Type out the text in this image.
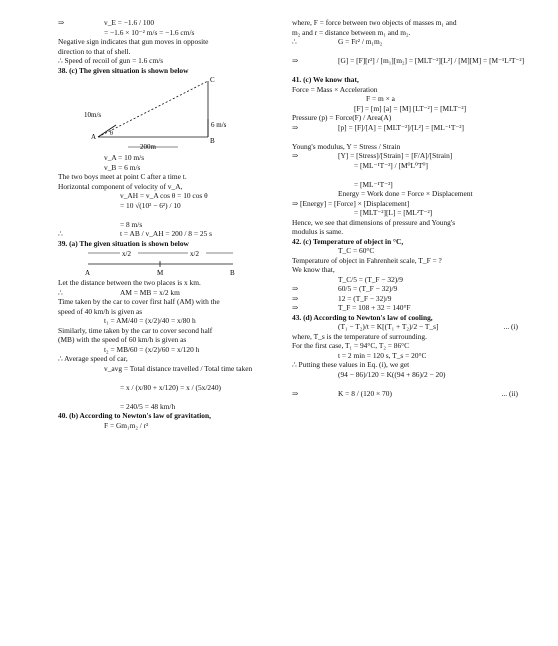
⇒	v_E = −1.6 / 100
= −1.6 × 10⁻² m/s = −1.6 cm/s
Negative sign indicates that gun moves in opposite
direction to that of shell.
∴ Speed of recoil of gun = 1.6 cm/s
38. (c) The given situation is shown below
10m/s
6 m/s
200m
A	B
C
θ
v_A = 10 m/s
v_B = 6 m/s
The two boys meet at point C after a time t.
Horizontal component of velocity of v_A,
v_AH = v_A cos θ = 10 cos θ
= 10 √(10² − 6²) / 10
= 8 m/s
∴	t = AB / v_AH = 200 / 8 = 25 s
39. (a) The given situation is shown below
x/2	x/2
A	M	B
Let the distance between the two places is x km.
∴	AM = MB = x/2 km
Time taken by the car to cover first half (AM) with the
speed of 40 km/h is given as
t₁ = AM/40 = (x/2)/40 = x/80 h
Similarly, time taken by the car to cover second half
(MB) with the speed of 60 km/h is given as
t₂ = MB/60 = (x/2)/60 = x/120 h
∴ Average speed of car,
v_avg = Total distance travelled / Total time taken
= x / (x/80 + x/120) = x / (5x/240)
= 240/5 = 48 km/h
40. (b) According to Newton's law of gravitation,
F = Gm₁m₂ / r²
where, F = force between two objects of masses m₁ and
m₂ and r = distance between m₁ and m₂.
∴	G = Fr² / m₁m₂
⇒	[G] = [F][r²] / [m₁][m₂] = [MLT⁻²][L²] / [M][M] = [M⁻¹L³T⁻²]
41. (c) We know that,
Force = Mass × Acceleration
F = m × a
[F] = [m] [a] = [M] [LT⁻²] = [MLT⁻²]
Pressure (p) = Force(F) / Area(A)
⇒	[p] = [F]/[A] = [MLT⁻²]/[L²] = [ML⁻¹T⁻²]
Young's modulus, Y = Stress / Strain
⇒	[Y] = [Stress]/[Strain] = [F/A]/[Strain]
= [ML⁻¹T⁻²] / [M⁰L⁰T⁰]
= [ML⁻¹T⁻²]
Energy = Work done = Force × Displacement
⇒ [Energy] = [Force] × [Displacement]
= [MLT⁻²][L] = [ML²T⁻²]
Hence, we see that dimensions of pressure and Young's
modulus is same.
42. (c) Temperature of object in °C,
T_C = 60°C
Temperature of object in Fahrenheit scale, T_F = ?
We know that,
T_C/5 = (T_F − 32)/9
⇒	60/5 = (T_F − 32)/9
⇒	12 = (T_F − 32)/9
⇒	T_F = 108 + 32 = 140°F
43. (d) According to Newton's law of cooling,
(T₁ − T₂)/t = K[(T₁ + T₂)/2 − T_s]	... (i)
where, T_s is the temperature of surrounding.
For the first case, T₁ = 94°C, T₂ = 86°C
t = 2 min = 120 s, T_s = 20°C
∴ Putting these values in Eq. (i), we get
(94 − 86)/120 = K((94 + 86)/2 − 20)
⇒	K = 8 / (120 × 70)	... (ii)
